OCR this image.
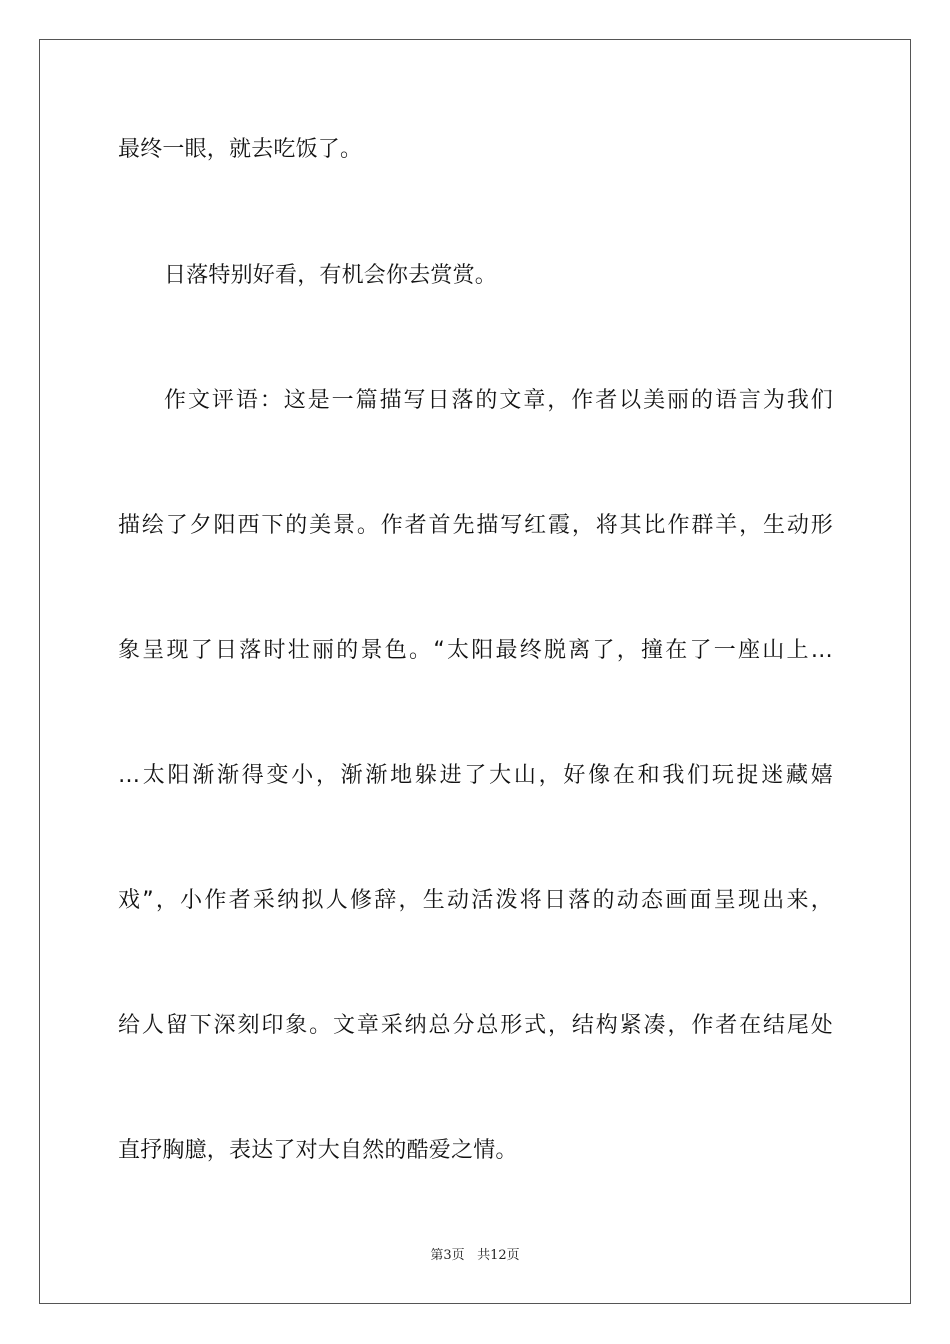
最终一眼，就去吃饭了。
日落特别好看，有机会你去赏赏。
作文评语：这是一篇描写日落的文章，作者以美丽的语言为我们
描绘了夕阳西下的美景。作者首先描写红霞，将其比作群羊，生动形
象呈现了日落时壮丽的景色。“太阳最终脱离了，撞在了一座山上…
…太阳渐渐得变小，渐渐地躲进了大山，好像在和我们玩捉迷藏嬉
戏”，小作者采纳拟人修辞，生动活泼将日落的动态画面呈现出来，
给人留下深刻印象。文章采纳总分总形式，结构紧凑，作者在结尾处
直抒胸臆，表达了对大自然的酷爱之情。
第3页 共12页
